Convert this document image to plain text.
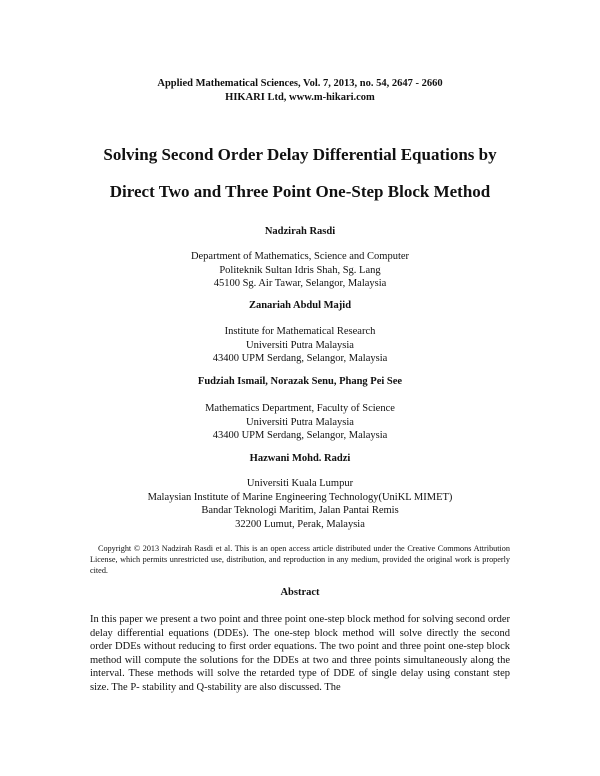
Applied Mathematical Sciences, Vol. 7, 2013, no. 54, 2647 - 2660
HIKARI Ltd, www.m-hikari.com
Solving Second Order Delay Differential Equations by
Direct Two and Three Point One-Step Block Method
Nadzirah Rasdi
Department of Mathematics, Science and Computer
Politeknik Sultan Idris Shah, Sg. Lang
45100 Sg. Air Tawar, Selangor, Malaysia
Zanariah Abdul Majid
Institute for Mathematical Research
Universiti Putra Malaysia
43400 UPM Serdang, Selangor, Malaysia
Fudziah Ismail, Norazak Senu, Phang Pei See
Mathematics Department, Faculty of Science
Universiti Putra Malaysia
43400 UPM Serdang, Selangor, Malaysia
Hazwani Mohd. Radzi
Universiti Kuala Lumpur
Malaysian Institute of Marine Engineering Technology(UniKL MIMET)
Bandar Teknologi Maritim, Jalan Pantai Remis
32200 Lumut, Perak, Malaysia
Copyright © 2013 Nadzirah Rasdi et al. This is an open access article distributed under the Creative Commons Attribution License, which permits unrestricted use, distribution, and reproduction in any medium, provided the original work is properly cited.
Abstract
In this paper we present a two point and three point one-step block method for solving second order delay differential equations (DDEs). The one-step block method will solve directly the second order DDEs without reducing to first order equations. The two point and three point one-step block method will compute the solutions for the DDEs at two and three points simultaneously along the interval. These methods will solve the retarded type of DDE of single delay using constant step size. The P- stability and Q-stability are also discussed. The
